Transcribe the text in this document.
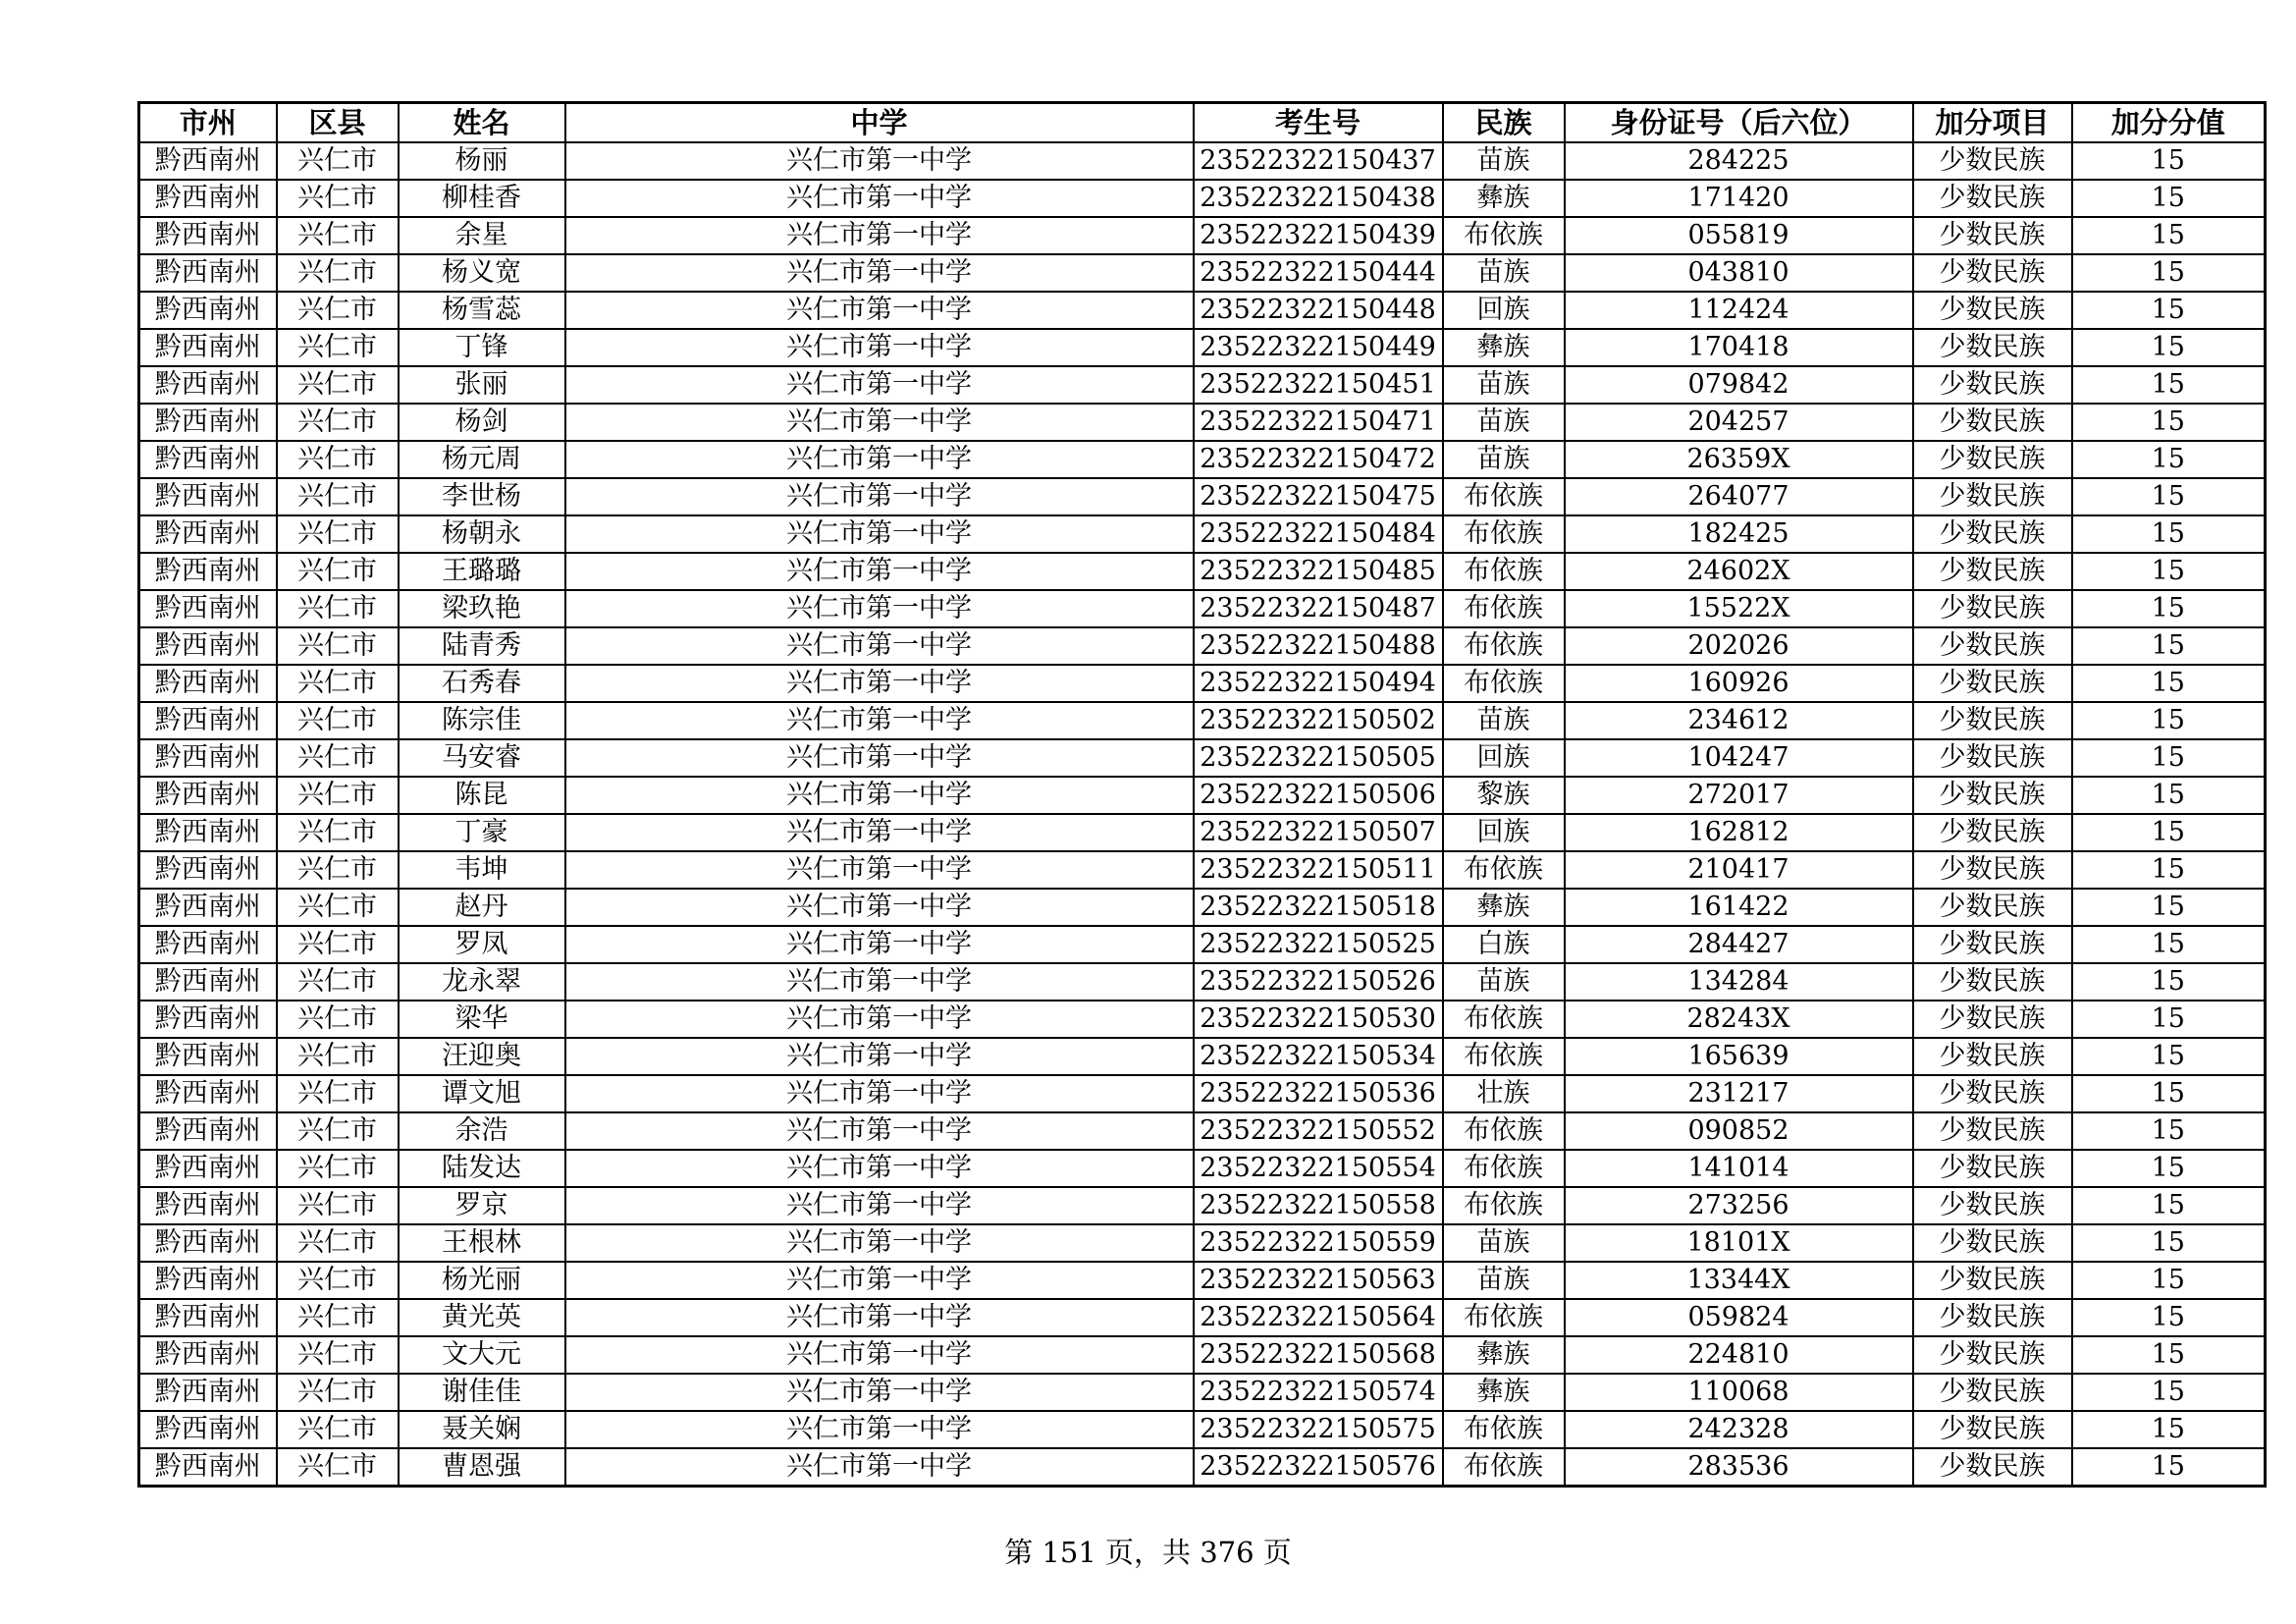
市州	区县	姓名	中学	考生号	民族	身份证号（后六位）	加分项目	加分分值
黔西南州	兴仁市	杨丽	兴仁市第一中学	23522322150437	苗族	284225	少数民族	15
黔西南州	兴仁市	柳桂香	兴仁市第一中学	23522322150438	彝族	171420	少数民族	15
黔西南州	兴仁市	余星	兴仁市第一中学	23522322150439	布依族	055819	少数民族	15
黔西南州	兴仁市	杨义宽	兴仁市第一中学	23522322150444	苗族	043810	少数民族	15
黔西南州	兴仁市	杨雪蕊	兴仁市第一中学	23522322150448	回族	112424	少数民族	15
黔西南州	兴仁市	丁锋	兴仁市第一中学	23522322150449	彝族	170418	少数民族	15
黔西南州	兴仁市	张丽	兴仁市第一中学	23522322150451	苗族	079842	少数民族	15
黔西南州	兴仁市	杨剑	兴仁市第一中学	23522322150471	苗族	204257	少数民族	15
黔西南州	兴仁市	杨元周	兴仁市第一中学	23522322150472	苗族	26359X	少数民族	15
黔西南州	兴仁市	李世杨	兴仁市第一中学	23522322150475	布依族	264077	少数民族	15
黔西南州	兴仁市	杨朝永	兴仁市第一中学	23522322150484	布依族	182425	少数民族	15
黔西南州	兴仁市	王璐璐	兴仁市第一中学	23522322150485	布依族	24602X	少数民族	15
黔西南州	兴仁市	梁玖艳	兴仁市第一中学	23522322150487	布依族	15522X	少数民族	15
黔西南州	兴仁市	陆青秀	兴仁市第一中学	23522322150488	布依族	202026	少数民族	15
黔西南州	兴仁市	石秀春	兴仁市第一中学	23522322150494	布依族	160926	少数民族	15
黔西南州	兴仁市	陈宗佳	兴仁市第一中学	23522322150502	苗族	234612	少数民族	15
黔西南州	兴仁市	马安睿	兴仁市第一中学	23522322150505	回族	104247	少数民族	15
黔西南州	兴仁市	陈昆	兴仁市第一中学	23522322150506	黎族	272017	少数民族	15
黔西南州	兴仁市	丁豪	兴仁市第一中学	23522322150507	回族	162812	少数民族	15
黔西南州	兴仁市	韦坤	兴仁市第一中学	23522322150511	布依族	210417	少数民族	15
黔西南州	兴仁市	赵丹	兴仁市第一中学	23522322150518	彝族	161422	少数民族	15
黔西南州	兴仁市	罗凤	兴仁市第一中学	23522322150525	白族	284427	少数民族	15
黔西南州	兴仁市	龙永翠	兴仁市第一中学	23522322150526	苗族	134284	少数民族	15
黔西南州	兴仁市	梁华	兴仁市第一中学	23522322150530	布依族	28243X	少数民族	15
黔西南州	兴仁市	汪迎奥	兴仁市第一中学	23522322150534	布依族	165639	少数民族	15
黔西南州	兴仁市	谭文旭	兴仁市第一中学	23522322150536	壮族	231217	少数民族	15
黔西南州	兴仁市	余浩	兴仁市第一中学	23522322150552	布依族	090852	少数民族	15
黔西南州	兴仁市	陆发达	兴仁市第一中学	23522322150554	布依族	141014	少数民族	15
黔西南州	兴仁市	罗京	兴仁市第一中学	23522322150558	布依族	273256	少数民族	15
黔西南州	兴仁市	王根林	兴仁市第一中学	23522322150559	苗族	18101X	少数民族	15
黔西南州	兴仁市	杨光丽	兴仁市第一中学	23522322150563	苗族	13344X	少数民族	15
黔西南州	兴仁市	黄光英	兴仁市第一中学	23522322150564	布依族	059824	少数民族	15
黔西南州	兴仁市	文大元	兴仁市第一中学	23522322150568	彝族	224810	少数民族	15
黔西南州	兴仁市	谢佳佳	兴仁市第一中学	23522322150574	彝族	110068	少数民族	15
黔西南州	兴仁市	聂关娴	兴仁市第一中学	23522322150575	布依族	242328	少数民族	15
黔西南州	兴仁市	曹恩强	兴仁市第一中学	23522322150576	布依族	283536	少数民族	15
第 151 页，共 376 页
